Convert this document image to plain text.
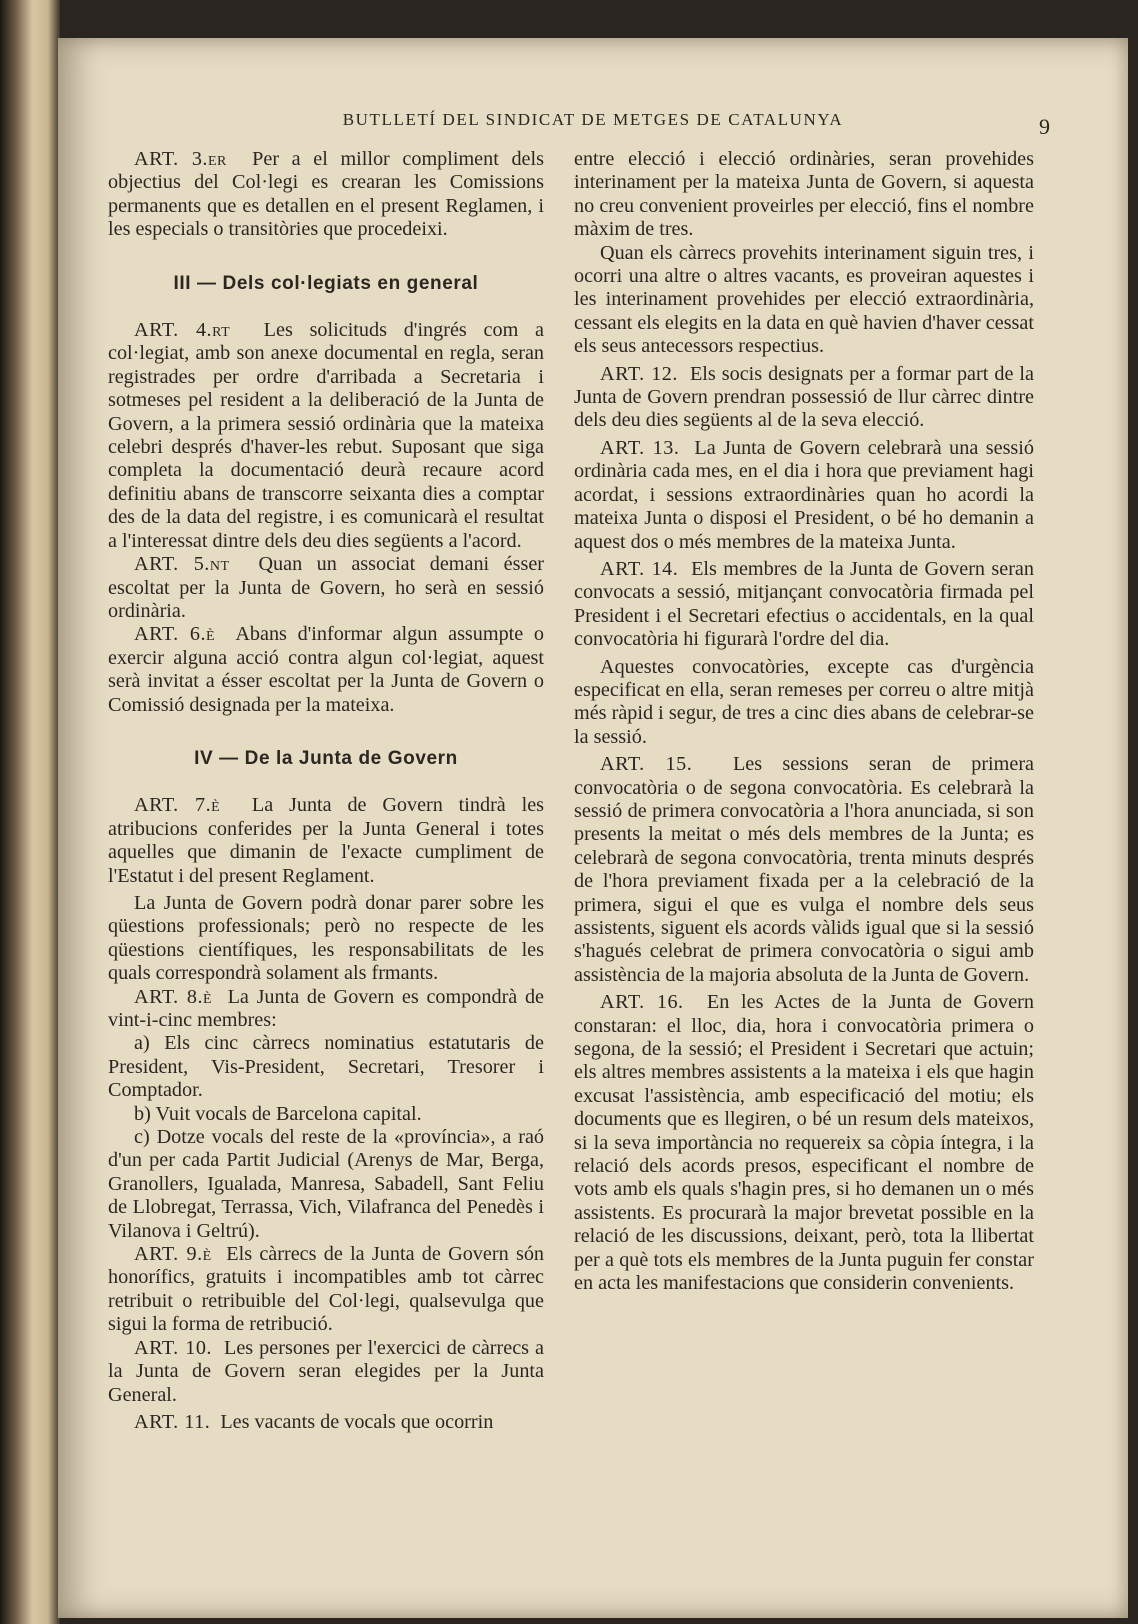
BUTLLETÍ DEL SINDICAT DE METGES DE CATALUNYA	9

ART. 3.er Per a el millor compliment dels objectius del Col·legi es crearan les Comissions permanents que es detallen en el present Reglamen, i les especials o transitòries que procedeixi.

III — Dels col·legiats en general

ART. 4.rt Les solicituds d'ingrés com a col·legiat, amb son anexe documental en regla, seran registrades per ordre d'arribada a Secretaria i sotmeses pel resident a la deliberació de la Junta de Govern, a la primera sessió ordinària que la mateixa celebri després d'haver-les rebut. Suposant que siga completa la documentació deurà recaure acord definitiu abans de transcorre seixanta dies a comptar des de la data del registre, i es comunicarà el resultat a l'interessat dintre dels deu dies següents a l'acord.

ART. 5.nt Quan un associat demani ésser escoltat per la Junta de Govern, ho serà en sessió ordinària.

ART. 6.è Abans d'informar algun assumpte o exercir alguna acció contra algun col·legiat, aquest serà invitat a ésser escoltat per la Junta de Govern o Comissió designada per la mateixa.

IV — De la Junta de Govern

ART. 7.è La Junta de Govern tindrà les atribucions conferides per la Junta General i totes aquelles que dimanin de l'exacte cumpliment de l'Estatut i del present Reglament.

La Junta de Govern podrà donar parer sobre les qüestions professionals; però no respecte de les qüestions científiques, les responsabilitats de les quals correspondrà solament als frmants.

ART. 8.è La Junta de Govern es compondrà de vint-i-cinc membres:

a) Els cinc càrrecs nominatius estatutaris de President, Vis-President, Secretari, Tresorer i Comptador.

b) Vuit vocals de Barcelona capital.

c) Dotze vocals del reste de la «província», a raó d'un per cada Partit Judicial (Arenys de Mar, Berga, Granollers, Igualada, Manresa, Sabadell, Sant Feliu de Llobregat, Terrassa, Vich, Vilafranca del Penedès i Vilanova i Geltrú).

ART. 9.è Els càrrecs de la Junta de Govern són honorífics, gratuits i incompatibles amb tot càrrec retribuit o retribuible del Col·legi, qualsevulga que sigui la forma de retribució.

ART. 10. Les persones per l'exercici de càrrecs a la Junta de Govern seran elegides per la Junta General.

ART. 11. Les vacants de vocals que ocorrin

entre elecció i elecció ordinàries, seran provehides interinament per la mateixa Junta de Govern, si aquesta no creu convenient proveirles per elecció, fins el nombre màxim de tres.

Quan els càrrecs provehits interinament siguin tres, i ocorri una altre o altres vacants, es proveiran aquestes i les interinament provehides per elecció extraordinària, cessant els elegits en la data en què havien d'haver cessat els seus antecessors respectius.

ART. 12. Els socis designats per a formar part de la Junta de Govern prendran possessió de llur càrrec dintre dels deu dies següents al de la seva elecció.

ART. 13. La Junta de Govern celebrarà una sessió ordinària cada mes, en el dia i hora que previament hagi acordat, i sessions extraordinàries quan ho acordi la mateixa Junta o disposi el President, o bé ho demanin a aquest dos o més membres de la mateixa Junta.

ART. 14. Els membres de la Junta de Govern seran convocats a sessió, mitjançant convocatòria firmada pel President i el Secretari efectius o accidentals, en la qual convocatòria hi figurarà l'ordre del dia.

Aquestes convocatòries, excepte cas d'urgència especificat en ella, seran remeses per correu o altre mitjà més ràpid i segur, de tres a cinc dies abans de celebrar-se la sessió.

ART. 15. Les sessions seran de primera convocatòria o de segona convocatòria. Es celebrarà la sessió de primera convocatòria a l'hora anunciada, si son presents la meitat o més dels membres de la Junta; es celebrarà de segona convocatòria, trenta minuts després de l'hora previament fixada per a la celebració de la primera, sigui el que es vulga el nombre dels seus assistents, siguent els acords vàlids igual que si la sessió s'hagués celebrat de primera convocatòria o sigui amb assistència de la majoria absoluta de la Junta de Govern.

ART. 16. En les Actes de la Junta de Govern constaran: el lloc, dia, hora i convocatòria primera o segona, de la sessió; el President i Secretari que actuin; els altres membres assistents a la mateixa i els que hagin excusat l'assistència, amb especificació del motiu; els documents que es llegiren, o bé un resum dels mateixos, si la seva importància no requereix sa còpia íntegra, i la relació dels acords presos, especificant el nombre de vots amb els quals s'hagin pres, si ho demanen un o més assistents. Es procurarà la major brevetat possible en la relació de les discussions, deixant, però, tota la llibertat per a què tots els membres de la Junta puguin fer constar en acta les manifestacions que considerin convenients.
